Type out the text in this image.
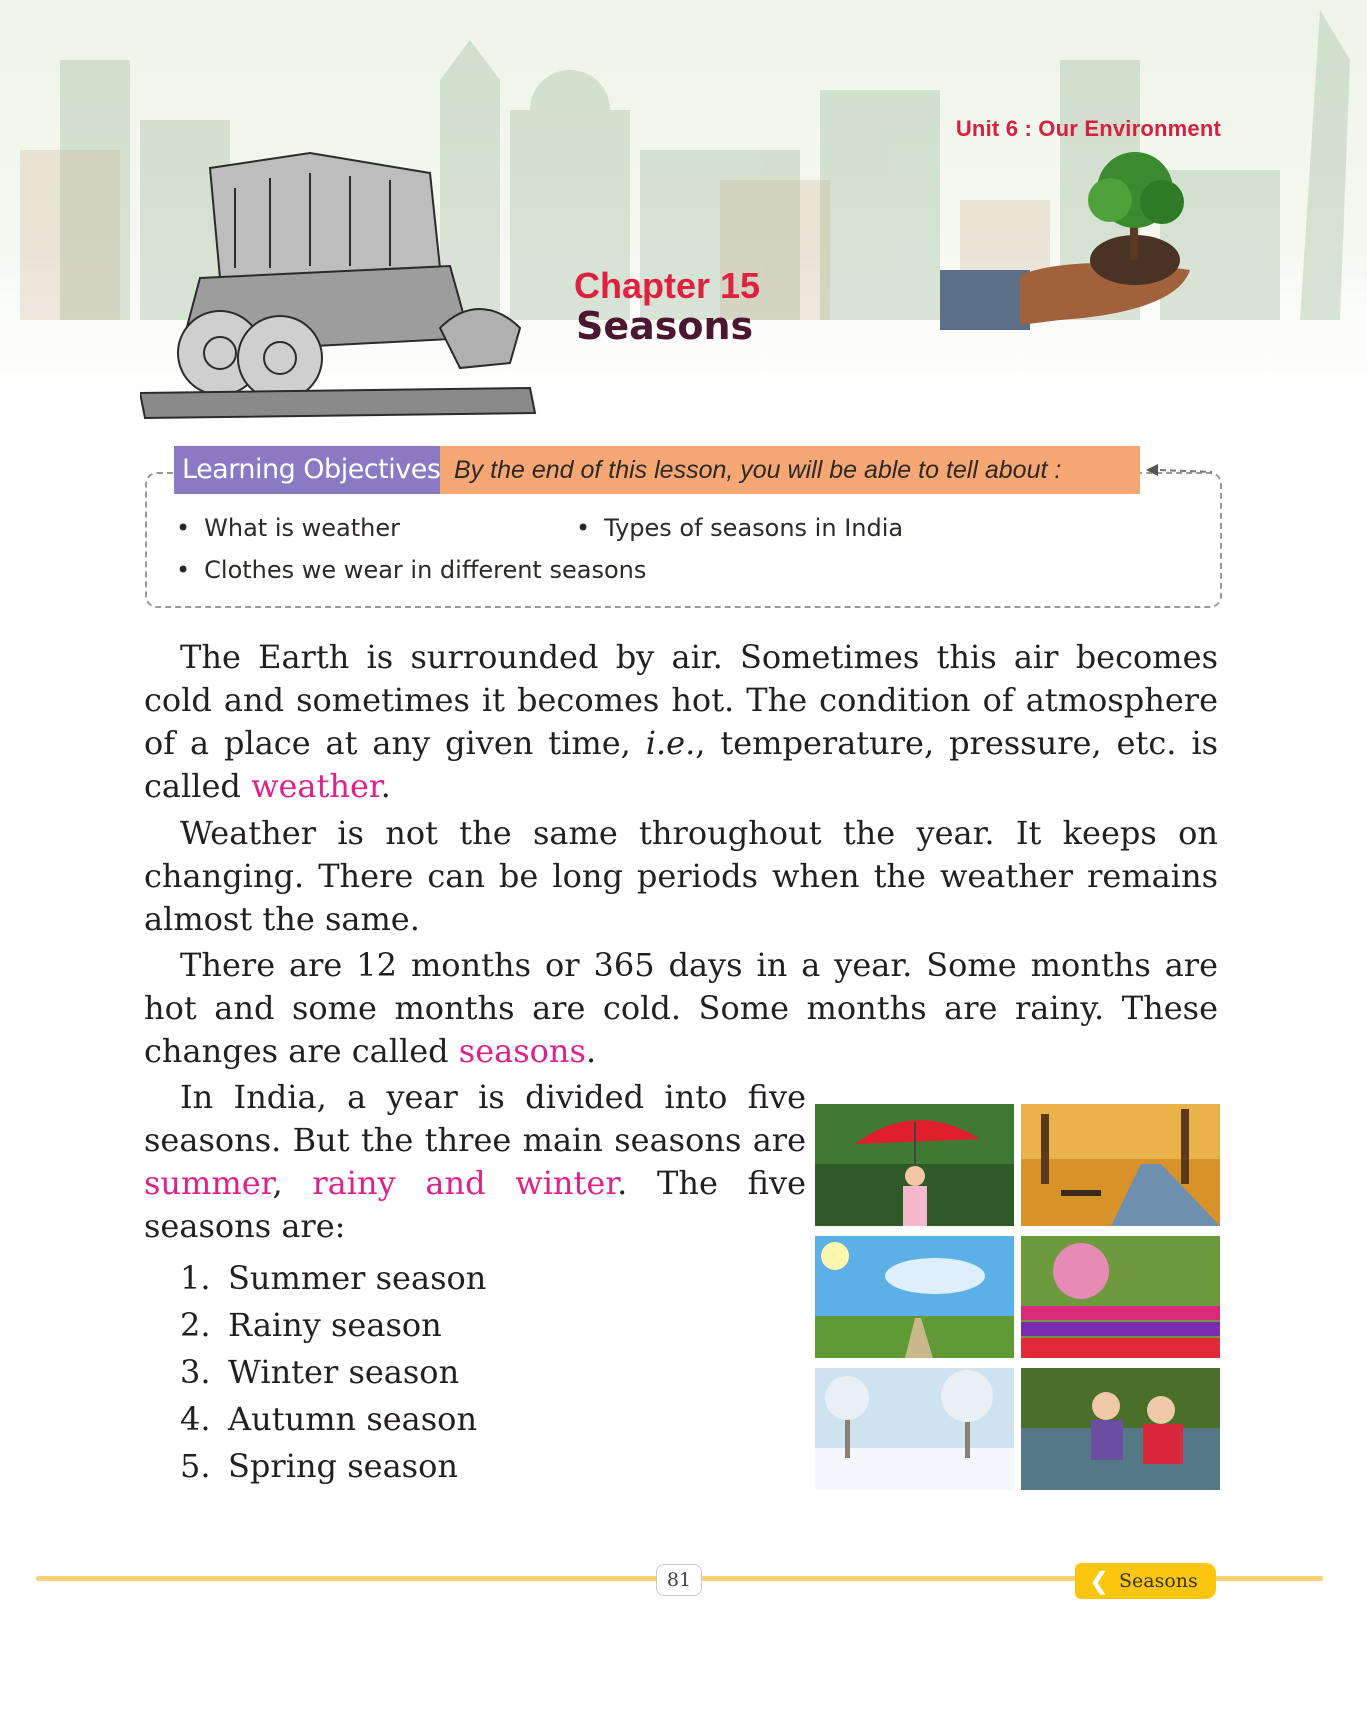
Unit 6 : Our Environment
Chapter 15
Seasons
Learning Objectives By the end of this lesson, you will be able to tell about :
• What is weather
•	Types of seasons in India
• Clothes we wear in different seasons

The Earth is surrounded by air. Sometimes this air becomes cold and sometimes it becomes hot. The condition of atmosphere of a place at any given time, i.e., temperature, pressure, etc. is called weather.

Weather is not the same throughout the year. It keeps on changing. There can be long periods when the weather remains almost the same.

There are 12 months or 365 days in a year. Some months are hot and some months are cold. Some months are rainy. These changes are called seasons.

In India, a year is divided into five seasons. But the three main seasons are summer, rainy and winter. The five seasons are:

1. Summer season
2. Rainy season
3. Winter season
4. Autumn season
5. Spring season
81	❮ Seasons
